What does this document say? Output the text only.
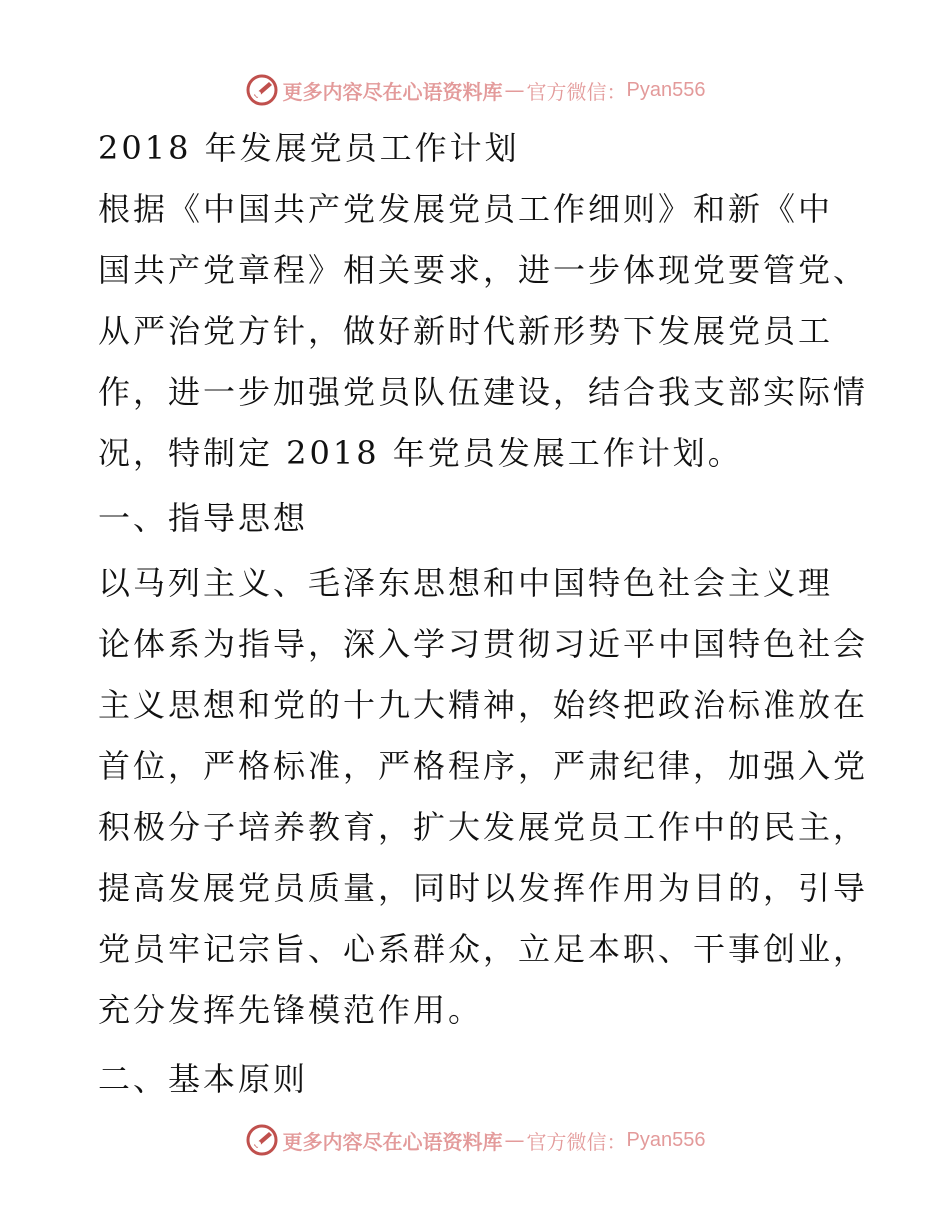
更多内容尽在心语资料库 — 官方微信： Pyan556
2018 年发展党员工作计划
根据《中国共产党发展党员工作细则》和新《中
国共产党章程》相关要求，进一步体现党要管党、
从严治党方针，做好新时代新形势下发展党员工
作，进一步加强党员队伍建设，结合我支部实际情
况，特制定 2018 年党员发展工作计划。
一、指导思想
以马列主义、毛泽东思想和中国特色社会主义理
论体系为指导，深入学习贯彻习近平中国特色社会
主义思想和党的十九大精神，始终把政治标准放在
首位，严格标准，严格程序，严肃纪律，加强入党
积极分子培养教育，扩大发展党员工作中的民主，
提高发展党员质量，同时以发挥作用为目的，引导
党员牢记宗旨、心系群众，立足本职、干事创业，
充分发挥先锋模范作用。
二、基本原则
更多内容尽在心语资料库 — 官方微信： Pyan556
